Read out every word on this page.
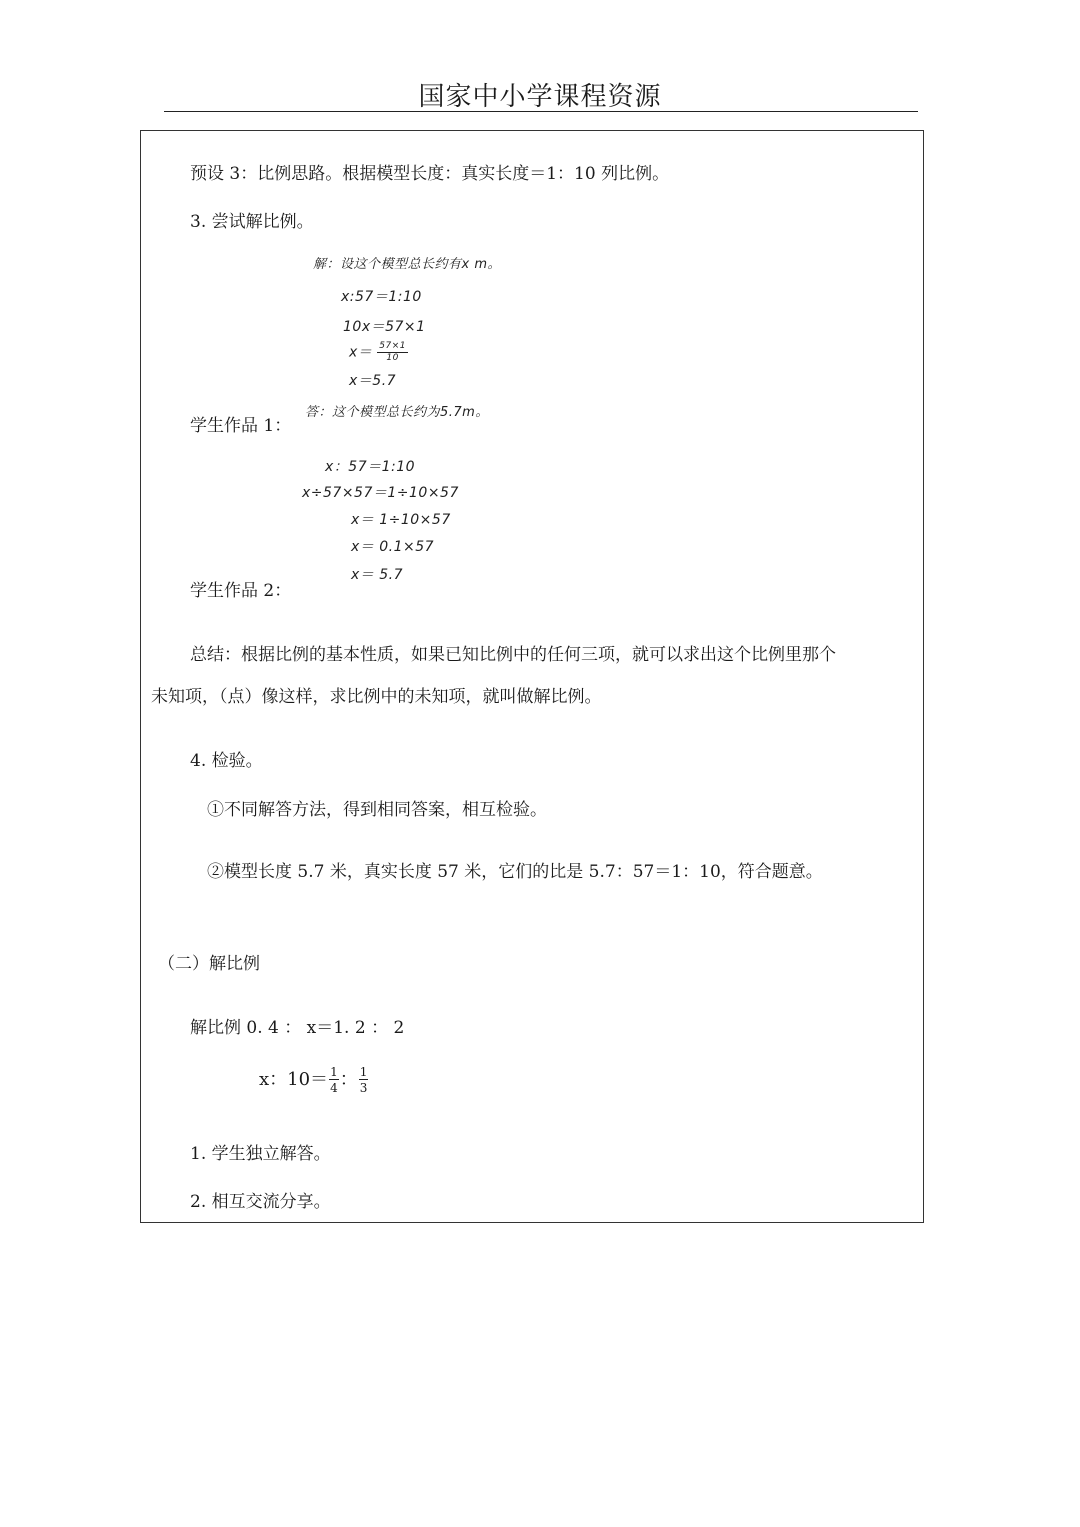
国家中小学课程资源
预设 3：比例思路。根据模型长度：真实长度＝1：10 列比例。
3. 尝试解比例。
解：设这个模型总长约有x m。
x:57＝1:10
10x＝57×1
$x= \frac{57\times 1}{10}$
x＝5.7
学生作品 1：
答：这个模型总长约为5.7m。
x：57＝1:10
x÷57×57＝1÷10×57
x＝ 1÷10×57
x＝ 0.1×57
x＝ 5.7
学生作品 2：
总结：根据比例的基本性质，如果已知比例中的任何三项，就可以求出这个比例里那个
未知项，（点）像这样，求比例中的未知项，就叫做解比例。
4. 检验。
①不同解答方法，得到相同答案，相互检验。
②模型长度 5.7 米，真实长度 57 米，它们的比是 5.7：57＝1：10，符合题意。
（二）解比例
解比例 0. 4 ： x＝1. 2 ： 2
x：$10= \frac{1}{4}$ ： $\frac{1}{3}$
1. 学生独立解答。
2. 相互交流分享。
